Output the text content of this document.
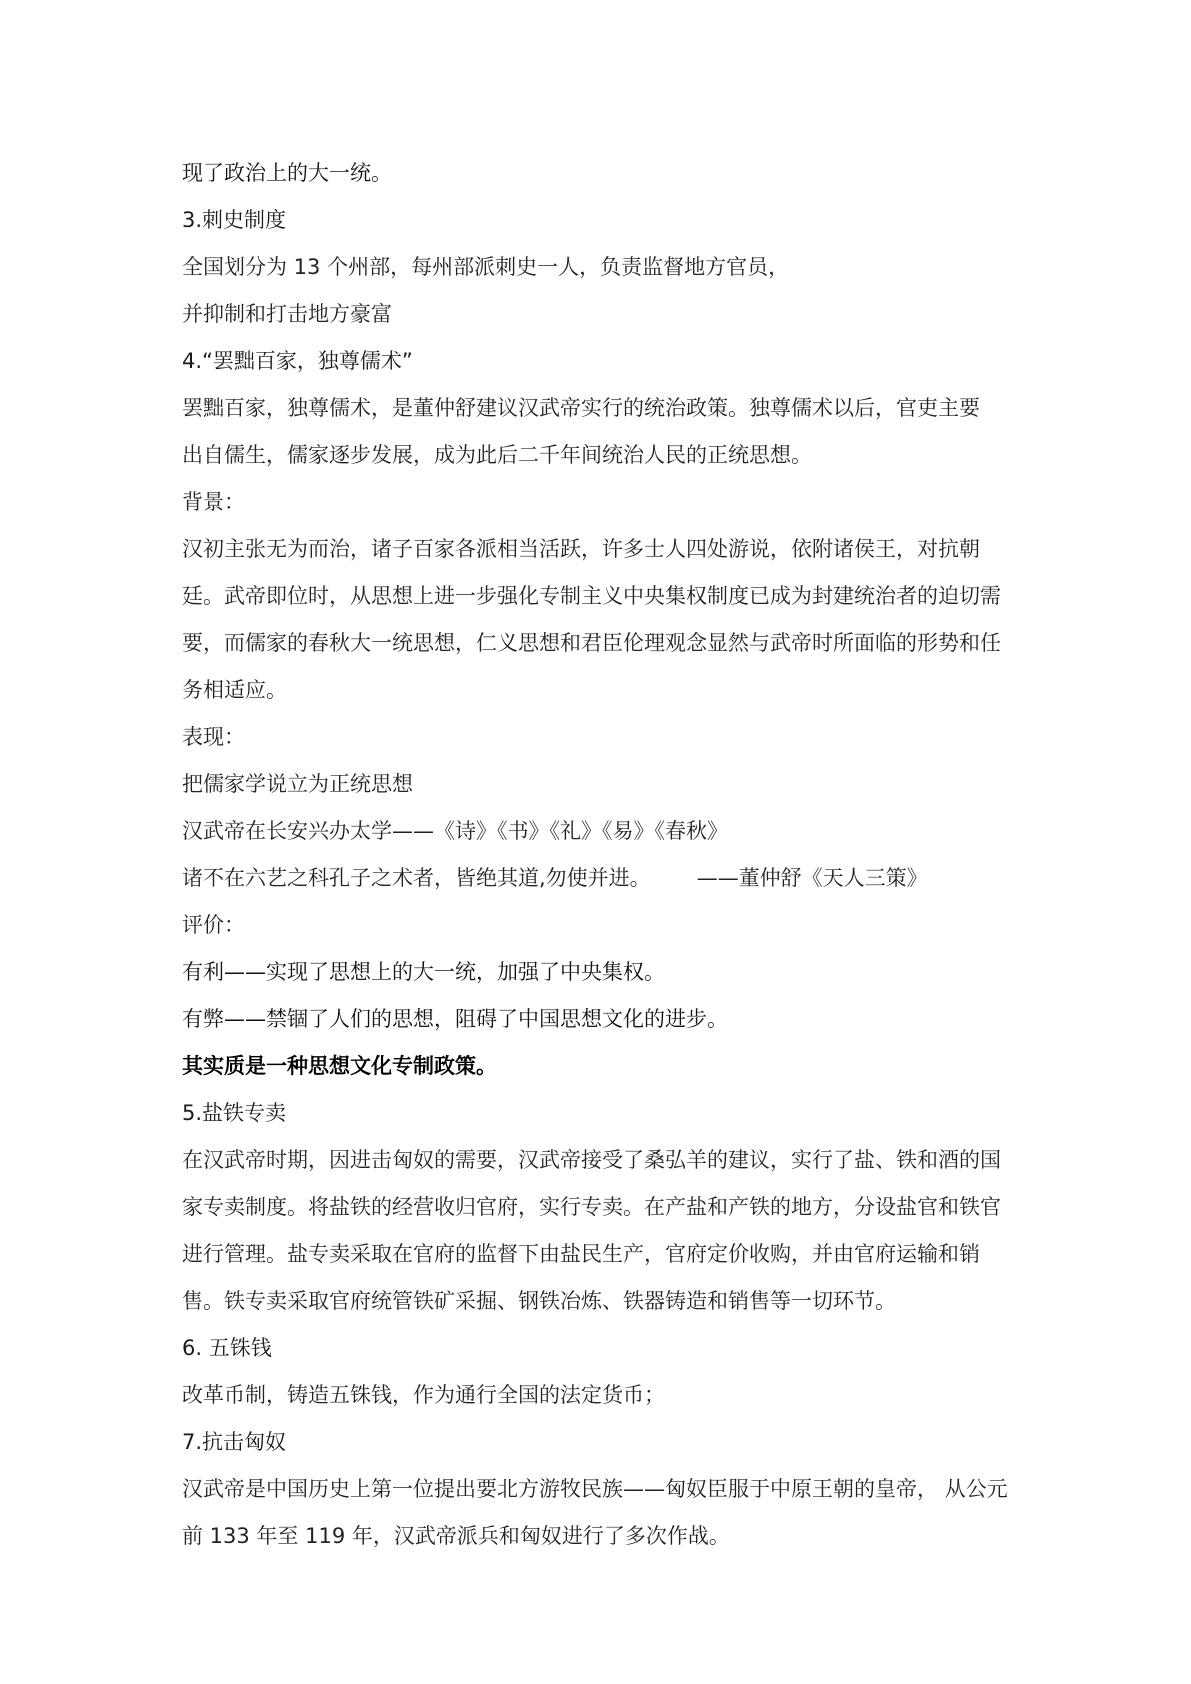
现了政治上的大一统。
3.刺史制度
全国划分为 13 个州部，每州部派刺史一人，负责监督地方官员，
并抑制和打击地方豪富
4.“罢黜百家，独尊儒术”
罢黜百家，独尊儒术，是董仲舒建议汉武帝实行的统治政策。独尊儒术以后，官吏主要
出自儒生，儒家逐步发展，成为此后二千年间统治人民的正统思想。
背景：
汉初主张无为而治，诸子百家各派相当活跃，许多士人四处游说，依附诸侯王，对抗朝
廷。武帝即位时，从思想上进一步强化专制主义中央集权制度已成为封建统治者的迫切需
要，而儒家的春秋大一统思想，仁义思想和君臣伦理观念显然与武帝时所面临的形势和任
务相适应。
表现：
把儒家学说立为正统思想
汉武帝在长安兴办太学——《诗》《书》《礼》《易》《春秋》
诸不在六艺之科孔子之术者，皆绝其道,勿使并进。 ——董仲舒《天人三策》
评价：
有利——实现了思想上的大一统，加强了中央集权。
有弊——禁锢了人们的思想，阻碍了中国思想文化的进步。
其实质是一种思想文化专制政策。
5.盐铁专卖
在汉武帝时期，因进击匈奴的需要，汉武帝接受了桑弘羊的建议，实行了盐、铁和酒的国
家专卖制度。将盐铁的经营收归官府，实行专卖。在产盐和产铁的地方，分设盐官和铁官
进行管理。盐专卖采取在官府的监督下由盐民生产，官府定价收购，并由官府运输和销
售。铁专卖采取官府统管铁矿采掘、钢铁冶炼、铁器铸造和销售等一切环节。
6. 五铢钱
改革币制，铸造五铢钱，作为通行全国的法定货币；
7.抗击匈奴
汉武帝是中国历史上第一位提出要北方游牧民族——匈奴臣服于中原王朝的皇帝， 从公元
前 133 年至 119 年，汉武帝派兵和匈奴进行了多次作战。
